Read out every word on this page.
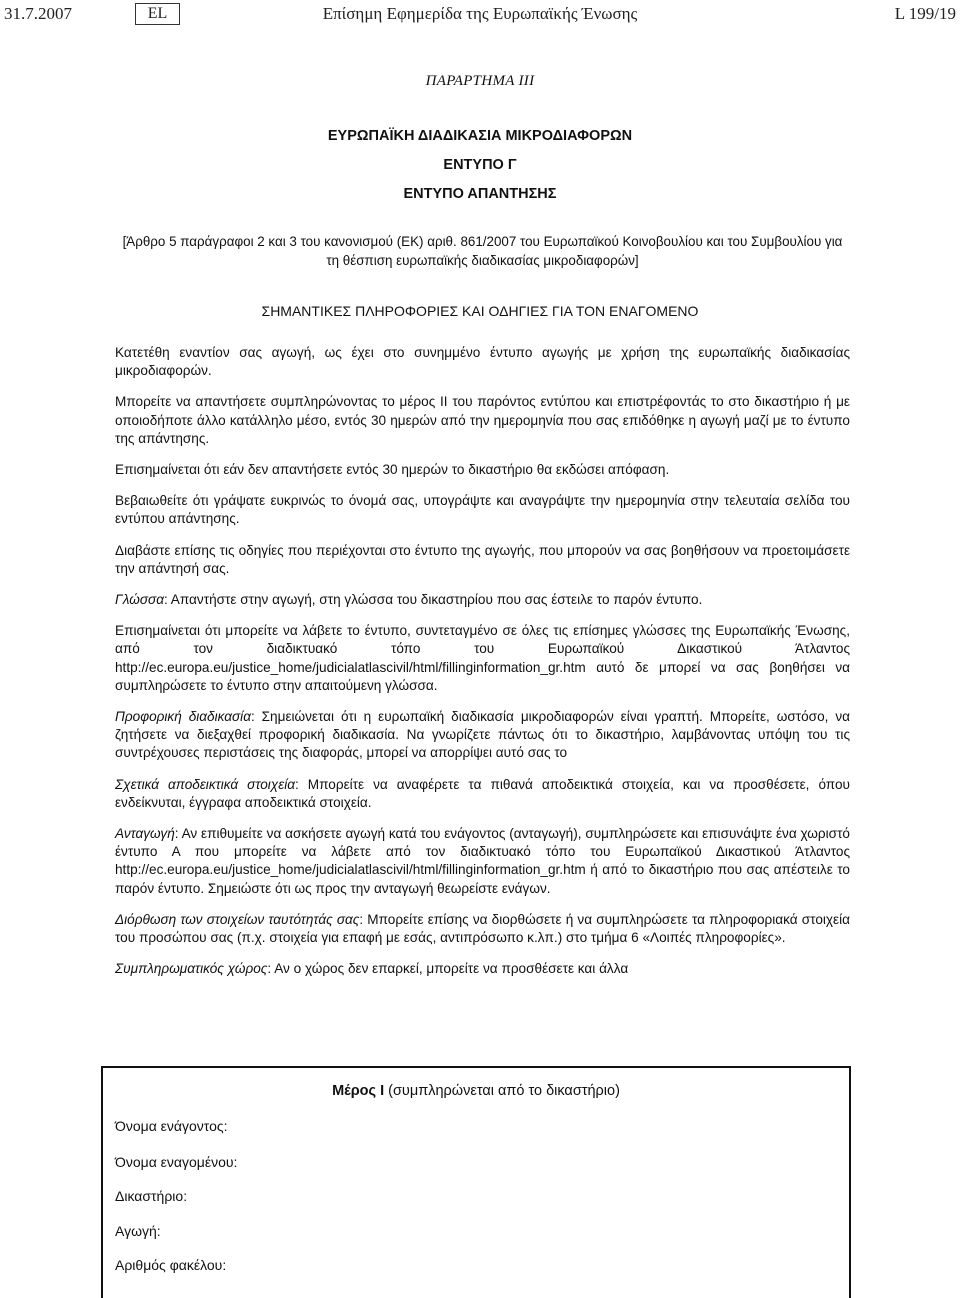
31.7.2007	EL	Επίσημη Εφημερίδα της Ευρωπαϊκής Ένωσης	L 199/19
ΠΑΡΑΡΤΗΜΑ III
ΕΥΡΩΠΑΪΚΗ ΔΙΑΔΙΚΑΣΙΑ ΜΙΚΡΟΔΙΑΦΟΡΩΝ
ΕΝΤΥΠΟ Γ
ΕΝΤΥΠΟ ΑΠΑΝΤΗΣΗΣ
[Άρθρο 5 παράγραφοι 2 και 3 του κανονισμού (ΕΚ) αριθ. 861/2007 του Ευρωπαϊκού Κοινοβουλίου και του Συμβουλίου για τη θέσπιση ευρωπαϊκής διαδικασίας μικροδιαφορών]
ΣΗΜΑΝΤΙΚΕΣ ΠΛΗΡΟΦΟΡΙΕΣ ΚΑΙ ΟΔΗΓΙΕΣ ΓΙΑ ΤΟΝ ΕΝΑΓΟΜΕΝΟ

Κατετέθη εναντίον σας αγωγή, ως έχει στο συνημμένο έντυπο αγωγής με χρήση της ευρωπαϊκής διαδικασίας μικροδιαφορών.

Μπορείτε να απαντήσετε συμπληρώνοντας το μέρος II του παρόντος εντύπου και επιστρέφοντάς το στο δικαστήριο ή με οποιοδήποτε άλλο κατάλληλο μέσο, εντός 30 ημερών από την ημερομηνία που σας επιδόθηκε η αγωγή μαζί με το έντυπο της απάντησης.

Επισημαίνεται ότι εάν δεν απαντήσετε εντός 30 ημερών το δικαστήριο θα εκδώσει απόφαση.

Βεβαιωθείτε ότι γράψατε ευκρινώς το όνομά σας, υπογράψτε και αναγράψτε την ημερομηνία στην τελευταία σελίδα του εντύπου απάντησης.

Διαβάστε επίσης τις οδηγίες που περιέχονται στο έντυπο της αγωγής, που μπορούν να σας βοηθήσουν να προετοιμάσετε την απάντησή σας.

Γλώσσα: Απαντήστε στην αγωγή, στη γλώσσα του δικαστηρίου που σας έστειλε το παρόν έντυπο.

Επισημαίνεται ότι μπορείτε να λάβετε το έντυπο, συντεταγμένο σε όλες τις επίσημες γλώσσες της Ευρωπαϊκής Ένωσης, από τον διαδικτυακό τόπο του Ευρωπαϊκού Δικαστικού Άτλαντος http://ec.europa.eu/justice_home/judicialatlascivil/html/fillinginformation_gr.htm αυτό δε μπορεί να σας βοηθήσει να συμπληρώσετε το έντυπο στην απαιτούμενη γλώσσα.

Προφορική διαδικασία: Σημειώνεται ότι η ευρωπαϊκή διαδικασία μικροδιαφορών είναι γραπτή. Μπορείτε, ωστόσο, να ζητήσετε να διεξαχθεί προφορική διαδικασία. Να γνωρίζετε πάντως ότι το δικαστήριο, λαμβάνοντας υπόψη του τις συντρέχουσες περιστάσεις της διαφοράς, μπορεί να απορρίψει αυτό σας το

Σχετικά αποδεικτικά στοιχεία: Μπορείτε να αναφέρετε τα πιθανά αποδεικτικά στοιχεία, και να προσθέσετε, όπου ενδείκνυται, έγγραφα αποδεικτικά στοιχεία.

Ανταγωγή: Αν επιθυμείτε να ασκήσετε αγωγή κατά του ενάγοντος (ανταγωγή), συμπληρώσετε και επισυνάψτε ένα χωριστό έντυπο Α που μπορείτε να λάβετε από τον διαδικτυακό τόπο του Ευρωπαϊκού Δικαστικού Άτλαντος http://ec.europa.eu/justice_home/judicialatlascivil/html/fillinginformation_gr.htm ή από το δικαστήριο που σας απέστειλε το παρόν έντυπο. Σημειώστε ότι ως προς την ανταγωγή θεωρείστε ενάγων.

Διόρθωση των στοιχείων ταυτότητάς σας: Μπορείτε επίσης να διορθώσετε ή να συμπληρώσετε τα πληροφοριακά στοιχεία του προσώπου σας (π.χ. στοιχεία για επαφή με εσάς, αντιπρόσωπο κ.λπ.) στο τμήμα 6 «Λοιπές πληροφορίες».

Συμπληρωματικός χώρος: Αν ο χώρος δεν επαρκεί, μπορείτε να προσθέσετε και άλλα

Μέρος I (συμπληρώνεται από το δικαστήριο)
Όνομα ενάγοντος:
Όνομα εναγομένου:
Δικαστήριο:
Αγωγή:
Αριθμός φακέλου:
